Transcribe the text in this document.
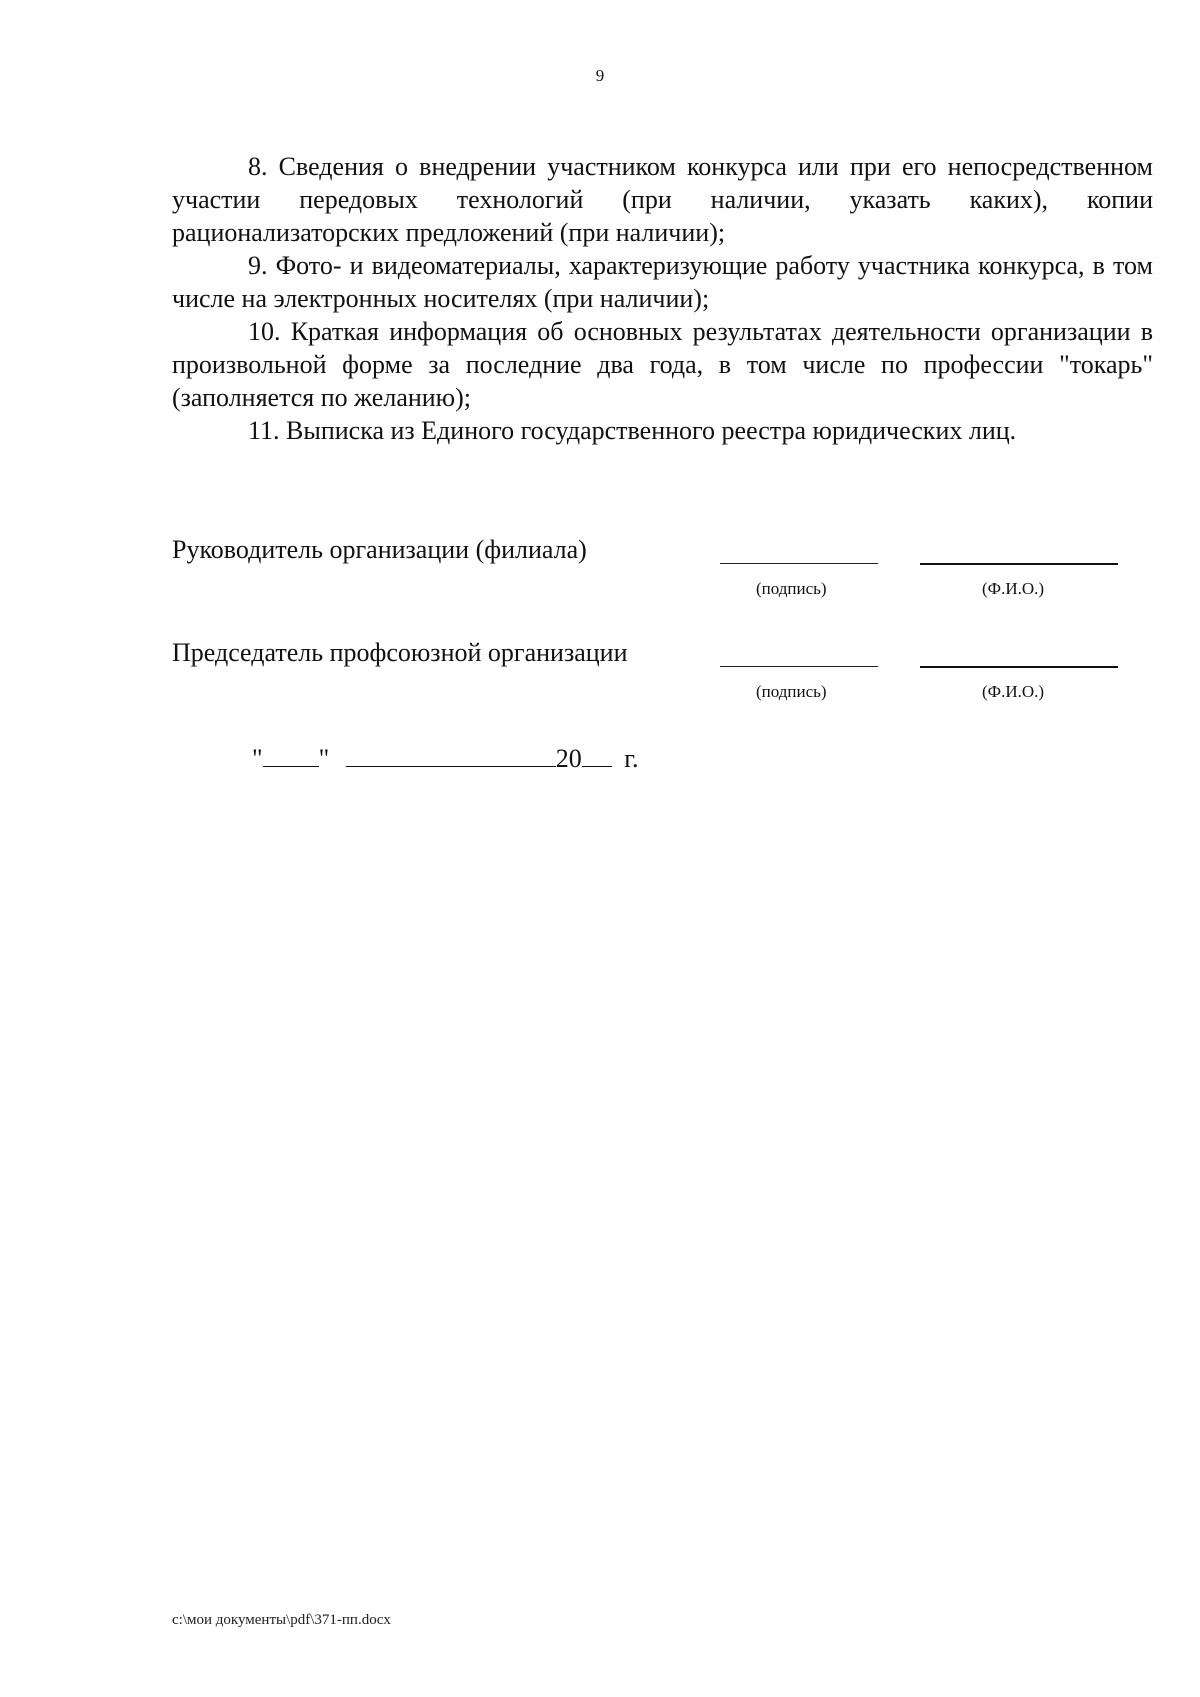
9

8. Сведения о внедрении участником конкурса или при его непосредственном участии передовых технологий (при наличии, указать каких), копии рационализаторских предложений (при наличии);

9. Фото- и видеоматериалы, характеризующие работу участника конкурса, в том числе на электронных носителях (при наличии);

10. Краткая информация об основных результатах деятельности организации в произвольной форме за последние два года, в том числе по профессии "токарь" (заполняется по желанию);

11. Выписка из Единого государственного реестра юридических лиц.

Руководитель организации (филиала)
(подпись)	(Ф.И.О.)
Председатель профсоюзной организации
(подпись)	(Ф.И.О.)
" "	20 г.
c:\мои документы\pdf\371-пп.docx
